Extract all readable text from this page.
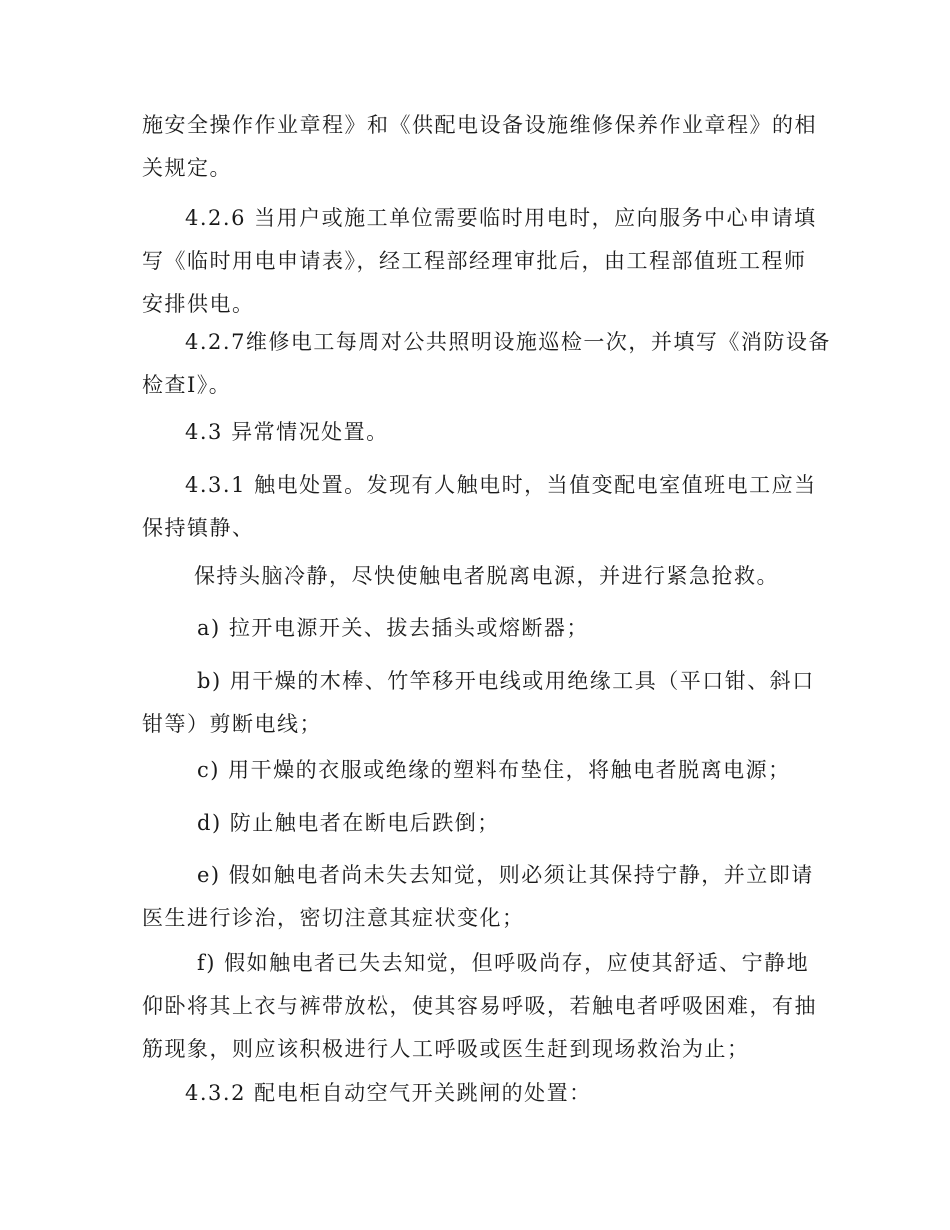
施安全操作作业章程》和《供配电设备设施维修保养作业章程》的相
关规定。

4.2.6 当用户或施工单位需要临时用电时，应向服务中心申请填
写《临时用电申请表》，经工程部经理审批后，由工程部值班工程师
安排供电。

4.2.7维修电工每周对公共照明设施巡检一次，并填写《消防设备
检查Ⅰ》。

4.3 异常情况处置。

4.3.1 触电处置。发现有人触电时，当值变配电室值班电工应当
保持镇静、

保持头脑冷静，尽快使触电者脱离电源，并进行紧急抢救。

a) 拉开电源开关、拔去插头或熔断器；

b) 用干燥的木棒、竹竿移开电线或用绝缘工具（平口钳、斜口
钳等）剪断电线；

c) 用干燥的衣服或绝缘的塑料布垫住，将触电者脱离电源；

d) 防止触电者在断电后跌倒；

e) 假如触电者尚未失去知觉，则必须让其保持宁静，并立即请
医生进行诊治，密切注意其症状变化；

f) 假如触电者已失去知觉，但呼吸尚存，应使其舒适、宁静地
仰卧将其上衣与裤带放松，使其容易呼吸，若触电者呼吸困难，有抽
筋现象，则应该积极进行人工呼吸或医生赶到现场救治为止；

4.3.2 配电柜自动空气开关跳闸的处置：
